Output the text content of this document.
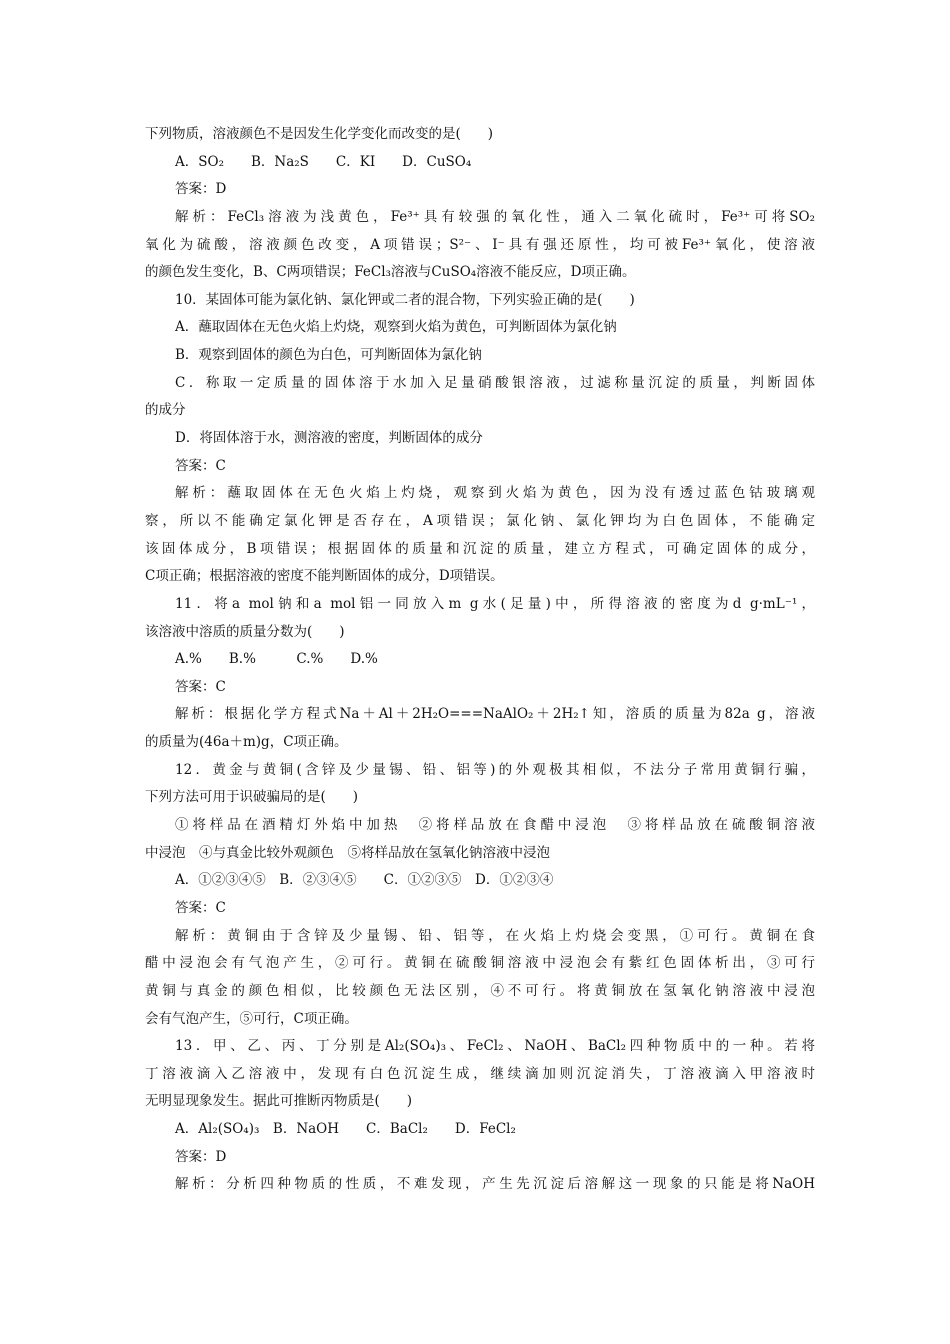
下列物质，溶液颜色不是因发生化学变化而改变的是(　　)
A．SO₂　　B．Na₂S　　C．KI　　D．CuSO₄
答案：D
解析：FeCl₃溶液为浅黄色，Fe³⁺具有较强的氧化性，通入二氧化硫时，Fe³⁺可将SO₂
氧化为硫酸，溶液颜色改变，A项错误；S²⁻、I⁻具有强还原性，均可被Fe³⁺氧化，使溶液
的颜色发生变化，B、C两项错误；FeCl₃溶液与CuSO₄溶液不能反应，D项正确。
10．某固体可能为氯化钠、氯化钾或二者的混合物，下列实验正确的是(　　)
A．蘸取固体在无色火焰上灼烧，观察到火焰为黄色，可判断固体为氯化钠
B．观察到固体的颜色为白色，可判断固体为氯化钠
C．称取一定质量的固体溶于水加入足量硝酸银溶液，过滤称量沉淀的质量，判断固体
的成分
D．将固体溶于水，测溶液的密度，判断固体的成分
答案：C
解析：蘸取固体在无色火焰上灼烧，观察到火焰为黄色，因为没有透过蓝色钴玻璃观
察，所以不能确定氯化钾是否存在，A项错误；氯化钠、氯化钾均为白色固体，不能确定
该固体成分，B项错误；根据固体的质量和沉淀的质量，建立方程式，可确定固体的成分，
C项正确；根据溶液的密度不能判断固体的成分，D项错误。
11．将a mol钠和a mol铝一同放入m g水(足量)中，所得溶液的密度为d g·mL⁻¹，
该溶液中溶质的质量分数为(　　)
A.%　　B.%　　　C.%　　D.%
答案：C
解析：根据化学方程式Na＋Al＋2H₂O===NaAlO₂＋2H₂↑知，溶质的质量为82a g，溶液
的质量为(46a＋m)g，C项正确。
12．黄金与黄铜(含锌及少量锡、铅、铝等)的外观极其相似，不法分子常用黄铜行骗，
下列方法可用于识破骗局的是(　　)
①将样品在酒精灯外焰中加热　②将样品放在食醋中浸泡　③将样品放在硫酸铜溶液
中浸泡　④与真金比较外观颜色　⑤将样品放在氢氧化钠溶液中浸泡
A．①②③④⑤　B．②③④⑤　　C．①②③⑤　D．①②③④
答案：C
解析：黄铜由于含锌及少量锡、铅、铝等，在火焰上灼烧会变黑，①可行。黄铜在食
醋中浸泡会有气泡产生，②可行。黄铜在硫酸铜溶液中浸泡会有紫红色固体析出，③可行
黄铜与真金的颜色相似，比较颜色无法区别，④不可行。将黄铜放在氢氧化钠溶液中浸泡
会有气泡产生，⑤可行，C项正确。
13．甲、乙、丙、丁分别是Al₂(SO₄)₃、FeCl₂、NaOH、BaCl₂四种物质中的一种。若将
丁溶液滴入乙溶液中，发现有白色沉淀生成，继续滴加则沉淀消失，丁溶液滴入甲溶液时
无明显现象发生。据此可推断丙物质是(　　)
A．Al₂(SO₄)₃　B．NaOH　　C．BaCl₂　　D．FeCl₂
答案：D
解析：分析四种物质的性质，不难发现，产生先沉淀后溶解这一现象的只能是将NaOH
